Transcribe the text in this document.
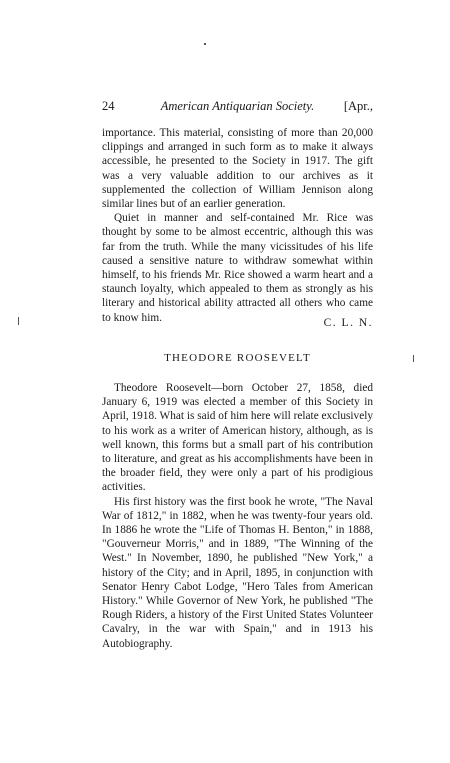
24	American Antiquarian Society.	[Apr.,

importance. This material, consisting of more than 20,000 clippings and arranged in such form as to make it always accessible, he presented to the Society in 1917. The gift was a very valuable addition to our archives as it supplemented the collection of William Jennison along similar lines but of an earlier generation.

Quiet in manner and self-contained Mr. Rice was thought by some to be almost eccentric, although this was far from the truth. While the many vicissitudes of his life caused a sensitive nature to withdraw somewhat within himself, to his friends Mr. Rice showed a warm heart and a staunch loyalty, which appealed to them as strongly as his literary and historical ability attracted all others who came to know him.	C. L. N.
THEODORE ROOSEVELT

Theodore Roosevelt—born October 27, 1858, died January 6, 1919 was elected a member of this Society in April, 1918. What is said of him here will relate exclusively to his work as a writer of American history, although, as is well known, this forms but a small part of his contribution to literature, and great as his accomplishments have been in the broader field, they were only a part of his prodigious activities.

His first history was the first book he wrote, "The Naval War of 1812," in 1882, when he was twenty-four years old. In 1886 he wrote the "Life of Thomas H. Benton," in 1888, "Gouverneur Morris," and in 1889, "The Winning of the West." In November, 1890, he published "New York," a history of the City; and in April, 1895, in conjunction with Senator Henry Cabot Lodge, "Hero Tales from American History." While Governor of New York, he published "The Rough Riders, a history of the First United States Volunteer Cavalry, in the war with Spain," and in 1913 his Autobiography.
